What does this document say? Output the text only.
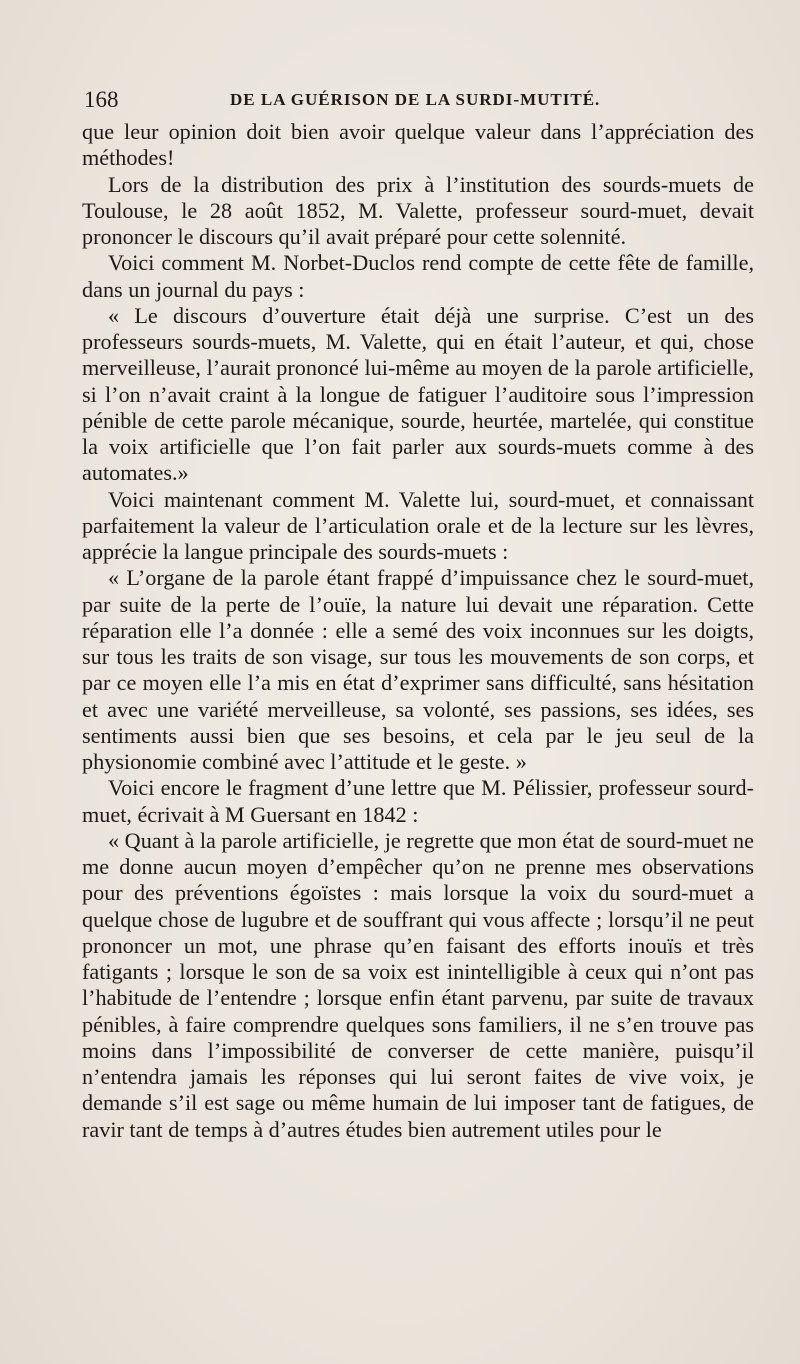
168	DE LA GUÉRISON DE LA SURDI-MUTITÉ.

que leur opinion doit bien avoir quelque valeur dans l’appréciation des méthodes!

Lors de la distribution des prix à l’institution des sourds-muets de Toulouse, le 28 août 1852, M. Valette, professeur sourd-muet, devait prononcer le discours qu’il avait préparé pour cette solennité.

Voici comment M. Norbet-Duclos rend compte de cette fête de famille, dans un journal du pays :

« Le discours d’ouverture était déjà une surprise. C’est un des professeurs sourds-muets, M. Valette, qui en était l’auteur, et qui, chose merveilleuse, l’aurait prononcé lui-même au moyen de la parole artificielle, si l’on n’avait craint à la longue de fatiguer l’auditoire sous l’impression pénible de cette parole mécanique, sourde, heurtée, martelée, qui constitue la voix artificielle que l’on fait parler aux sourds-muets comme à des automates.»

Voici maintenant comment M. Valette lui, sourd-muet, et connaissant parfaitement la valeur de l’articulation orale et de la lecture sur les lèvres, apprécie la langue principale des sourds-muets :

« L’organe de la parole étant frappé d’impuissance chez le sourd-muet, par suite de la perte de l’ouïe, la nature lui devait une réparation. Cette réparation elle l’a donnée : elle a semé des voix inconnues sur les doigts, sur tous les traits de son visage, sur tous les mouvements de son corps, et par ce moyen elle l’a mis en état d’exprimer sans difficulté, sans hésitation et avec une variété merveilleuse, sa volonté, ses passions, ses idées, ses sentiments aussi bien que ses besoins, et cela par le jeu seul de la physionomie combiné avec l’attitude et le geste. »

Voici encore le fragment d’une lettre que M. Pélissier, professeur sourd-muet, écrivait à M Guersant en 1842 :

« Quant à la parole artificielle, je regrette que mon état de sourd-muet ne me donne aucun moyen d’empêcher qu’on ne prenne mes observations pour des préventions égoïstes : mais lorsque la voix du sourd-muet a quelque chose de lugubre et de souffrant qui vous affecte ; lorsqu’il ne peut prononcer un mot, une phrase qu’en faisant des efforts inouïs et très fatigants ; lorsque le son de sa voix est inintelligible à ceux qui n’ont pas l’habitude de l’entendre ; lorsque enfin étant parvenu, par suite de travaux pénibles, à faire comprendre quelques sons familiers, il ne s’en trouve pas moins dans l’impossibilité de converser de cette manière, puisqu’il n’entendra jamais les réponses qui lui seront faites de vive voix, je demande s’il est sage ou même humain de lui imposer tant de fatigues, de ravir tant de temps à d’autres études bien autrement utiles pour le
